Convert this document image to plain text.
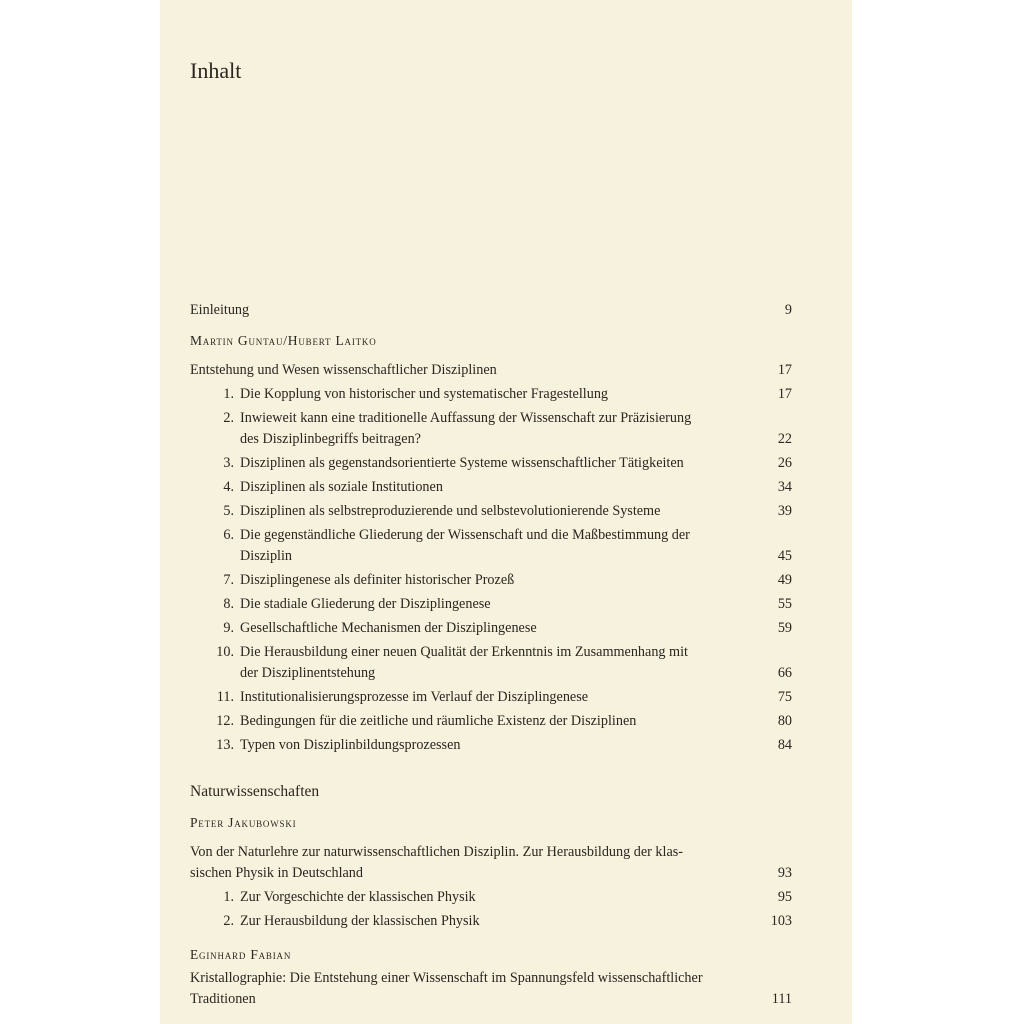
Inhalt
Einleitung	9
Martin Guntau/Hubert Laitko
Entstehung und Wesen wissenschaftlicher Disziplinen	17
1. Die Kopplung von historischer und systematischer Fragestellung	17
2. Inwieweit kann eine traditionelle Auffassung der Wissenschaft zur Präzisierung
des Disziplinbegriffs beitragen?	22
3. Disziplinen als gegenstandsorientierte Systeme wissenschaftlicher Tätigkeiten	26
4. Disziplinen als soziale Institutionen	34
5. Disziplinen als selbstreproduzierende und selbstevolutionierende Systeme	39
6. Die gegenständliche Gliederung der Wissenschaft und die Maßbestimmung der
Disziplin	45
7. Disziplingenese als definiter historischer Prozeß	49
8. Die stadiale Gliederung der Disziplingenese	55
9. Gesellschaftliche Mechanismen der Disziplingenese	59
10. Die Herausbildung einer neuen Qualität der Erkenntnis im Zusammenhang mit
der Disziplinentstehung	66
11. Institutionalisierungsprozesse im Verlauf der Disziplingenese	75
12. Bedingungen für die zeitliche und räumliche Existenz der Disziplinen	80
13. Typen von Disziplinbildungsprozessen	84
Naturwissenschaften
Peter Jakubowski
Von der Naturlehre zur naturwissenschaftlichen Disziplin. Zur Herausbildung der klas-
sischen Physik in Deutschland	93
1. Zur Vorgeschichte der klassischen Physik	95
2. Zur Herausbildung der klassischen Physik	103
Eginhard Fabian
Kristallographie: Die Entstehung einer Wissenschaft im Spannungsfeld wissenschaftlicher
Traditionen	111
